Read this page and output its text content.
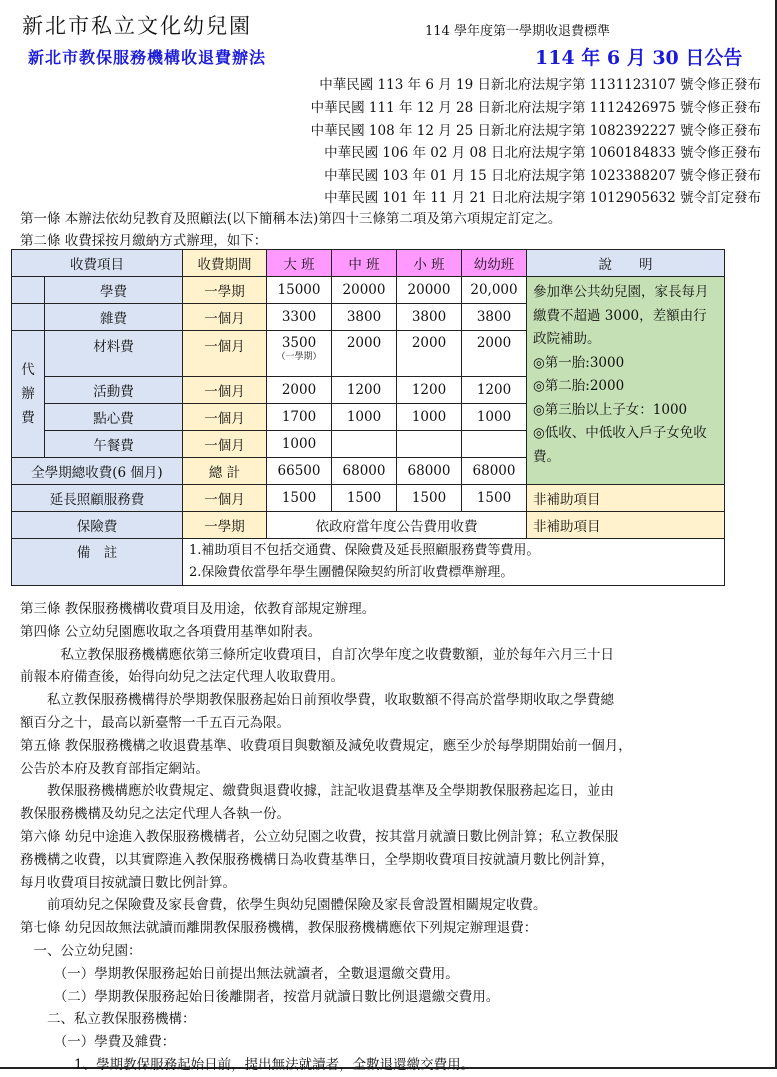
新北市私立文化幼兒園	114 學年度第一學期收退費標準
新北市教保服務機構收退費辦法	114 年 6 月 30 日公告
中華民國 113 年 6 月 19 日新北府法規字第 1131123107 號令修正發布
中華民國 111 年 12 月 28 日新北府法規字第 1112426975 號令修正發布
中華民國 108 年 12 月 25 日新北府法規字第 1082392227 號令修正發布
中華民國 106 年 02 月 08 日北府法規字第 1060184833 號令修正發布
中華民國 103 年 01 月 15 日北府法規字第 1023388207 號令修正發布
中華民國 101 年 11 月 21 日北府法規字第 1012905632 號令訂定發布
第一條 本辦法依幼兒教育及照顧法(以下簡稱本法)第四十三條第二項及第六項規定訂定之。
第二條 收費採按月繳納方式辦理，如下：
收費項目		收費期間	大 班	中 班	小 班	幼幼班	說　　明
	學費	一學期	15000	20000	20000	20,000	參加準公共幼兒園，家長每月繳費不超過 3000，差額由行政院補助。
◎第一胎:3000
◎第二胎:2000
◎第三胎以上子女：1000
◎低收、中低收入戶子女免收費。

	雜費	一個月	3300	3800	3800	3800	
代辦費	材料費	一個月	3500
（一學期）	2000	2000	2000	
	活動費	一個月	2000	1200	1200	1200	
	點心費	一個月	1700	1000	1000	1000	
	午餐費	一個月	1000				
全學期總收費(6 個月)		總 計	66500	68000	68000	68000	
延長照顧服務費		一個月	1500	1500	1500	1500	非補助項目
保險費		一學期	依政府當年度公告費用收費				非補助項目
備　註		1.補助項目不包括交通費、保險費及延長照顧服務費等費用。
2.保險費依當學年學生團體保險契約所訂收費標準辦理。					
第三條 教保服務機構收費項目及用途，依教育部規定辦理。
第四條 公立幼兒園應收取之各項費用基準如附表。
　　　私立教保服務機構應依第三條所定收費項目，自訂次學年度之收費數額，並於每年六月三十日
前報本府備查後，始得向幼兒之法定代理人收取費用。
　　私立教保服務機構得於學期教保服務起始日前預收學費，收取數額不得高於當學期收取之學費總
額百分之十，最高以新臺幣一千五百元為限。
第五條 教保服務機構之收退費基準、收費項目與數額及減免收費規定，應至少於每學期開始前一個月，
公告於本府及教育部指定網站。
　　教保服務機構應於收費規定、繳費與退費收據，註記收退費基準及全學期教保服務起迄日，並由
教保服務機構及幼兒之法定代理人各執一份。
第六條 幼兒中途進入教保服務機構者，公立幼兒園之收費，按其當月就讀日數比例計算；私立教保服
務機構之收費，以其實際進入教保服務機構日為收費基準日，全學期收費項目按就讀月數比例計算，
每月收費項目按就讀日數比例計算。
　　前項幼兒之保險費及家長會費，依學生與幼兒園體保險及家長會設置相關規定收費。
第七條 幼兒因故無法就讀而離開教保服務機構，教保服務機構應依下列規定辦理退費：
　一、公立幼兒園：
　　　（一）學期教保服務起始日前提出無法就讀者，全數退還繳交費用。
　　　（二）學期教保服務起始日後離開者，按當月就讀日數比例退還繳交費用。
　　二、私立教保服務機構：
　　　（一）學費及雜費：
　　　　1、學期教保服務起始日前，提出無法就讀者，全數退還繳交費用。
